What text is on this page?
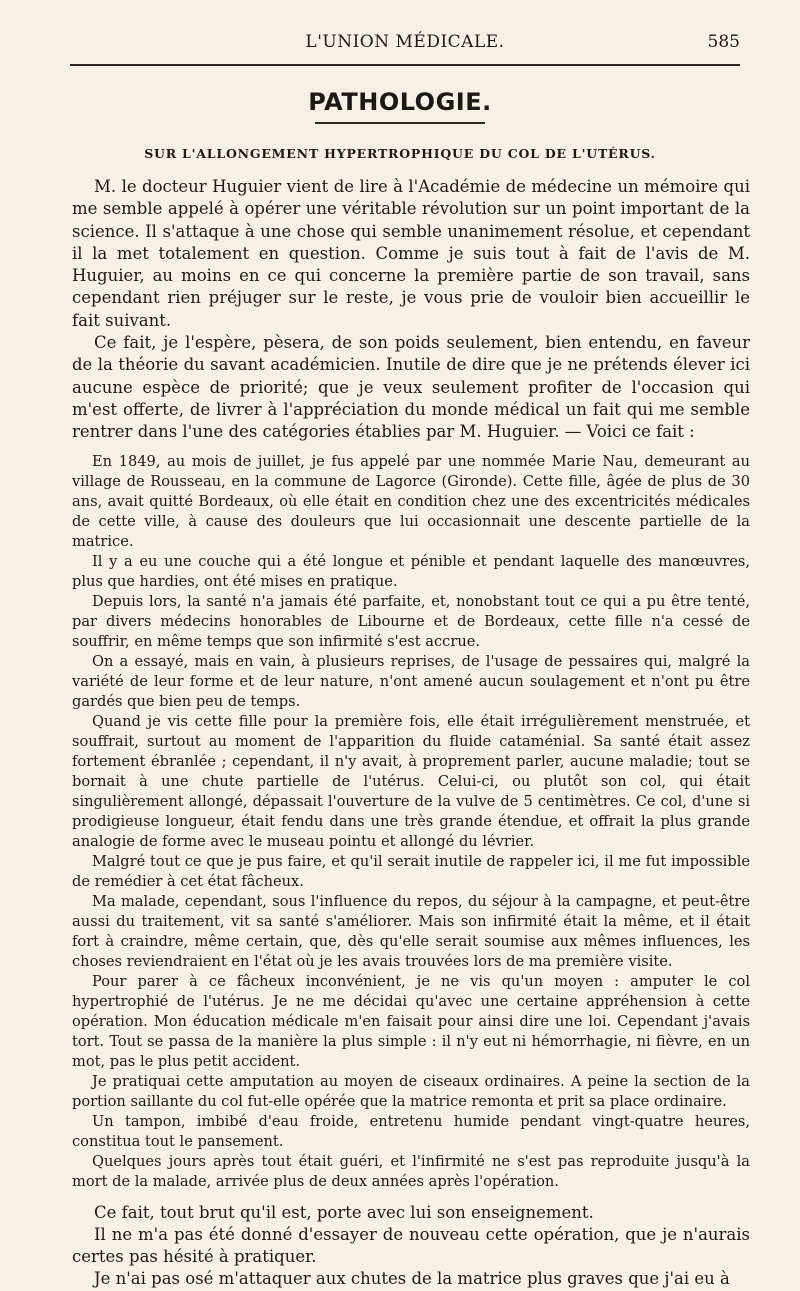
L'UNION MÉDICALE.	585
PATHOLOGIE.
SUR L'ALLONGEMENT HYPERTROPHIQUE DU COL DE L'UTÉRUS.

M. le docteur Huguier vient de lire à l'Académie de médecine un mémoire qui me semble appelé à opérer une véritable révolution sur un point important de la science. Il s'attaque à une chose qui semble unanimement résolue, et cependant il la met totalement en question. Comme je suis tout à fait de l'avis de M. Huguier, au moins en ce qui concerne la première partie de son travail, sans cependant rien préjuger sur le reste, je vous prie de vouloir bien accueillir le fait suivant.

Ce fait, je l'espère, pèsera, de son poids seulement, bien entendu, en faveur de la théorie du savant académicien. Inutile de dire que je ne prétends élever ici aucune espèce de priorité; que je veux seulement profiter de l'occasion qui m'est offerte, de livrer à l'appréciation du monde médical un fait qui me semble rentrer dans l'une des catégories établies par M. Huguier. — Voici ce fait :

En 1849, au mois de juillet, je fus appelé par une nommée Marie Nau, demeurant au village de Rousseau, en la commune de Lagorce (Gironde). Cette fille, âgée de plus de 30 ans, avait quitté Bordeaux, où elle était en condition chez une des excentricités médicales de cette ville, à cause des douleurs que lui occasionnait une descente partielle de la matrice.

Il y a eu une couche qui a été longue et pénible et pendant laquelle des manœuvres, plus que hardies, ont été mises en pratique.

Depuis lors, la santé n'a jamais été parfaite, et, nonobstant tout ce qui a pu être tenté, par divers médecins honorables de Libourne et de Bordeaux, cette fille n'a cessé de souffrir, en même temps que son infirmité s'est accrue.

On a essayé, mais en vain, à plusieurs reprises, de l'usage de pessaires qui, malgré la variété de leur forme et de leur nature, n'ont amené aucun soulagement et n'ont pu être gardés que bien peu de temps.

Quand je vis cette fille pour la première fois, elle était irrégulièrement menstruée, et souffrait, surtout au moment de l'apparition du fluide cataménial. Sa santé était assez fortement ébranlée ; cependant, il n'y avait, à proprement parler, aucune maladie; tout se bornait à une chute partielle de l'utérus. Celui-ci, ou plutôt son col, qui était singulièrement allongé, dépassait l'ouverture de la vulve de 5 centimètres. Ce col, d'une si prodigieuse longueur, était fendu dans une très grande étendue, et offrait la plus grande analogie de forme avec le museau pointu et allongé du lévrier.

Malgré tout ce que je pus faire, et qu'il serait inutile de rappeler ici, il me fut impossible de remédier à cet état fâcheux.

Ma malade, cependant, sous l'influence du repos, du séjour à la campagne, et peut-être aussi du traitement, vit sa santé s'améliorer. Mais son infirmité était la même, et il était fort à craindre, même certain, que, dès qu'elle serait soumise aux mêmes influences, les choses reviendraient en l'état où je les avais trouvées lors de ma première visite.

Pour parer à ce fâcheux inconvénient, je ne vis qu'un moyen : amputer le col hypertrophié de l'utérus. Je ne me décidai qu'avec une certaine appréhension à cette opération. Mon éducation médicale m'en faisait pour ainsi dire une loi. Cependant j'avais tort. Tout se passa de la manière la plus simple : il n'y eut ni hémorrhagie, ni fièvre, en un mot, pas le plus petit accident.

Je pratiquai cette amputation au moyen de ciseaux ordinaires. A peine la section de la portion saillante du col fut-elle opérée que la matrice remonta et prit sa place ordinaire.

Un tampon, imbibé d'eau froide, entretenu humide pendant vingt-quatre heures, constitua tout le pansement.

Quelques jours après tout était guéri, et l'infirmité ne s'est pas reproduite jusqu'à la mort de la malade, arrivée plus de deux années après l'opération.

Ce fait, tout brut qu'il est, porte avec lui son enseignement.

Il ne m'a pas été donné d'essayer de nouveau cette opération, que je n'aurais certes pas hésité à pratiquer.

Je n'ai pas osé m'attaquer aux chutes de la matrice plus graves que j'ai eu à
